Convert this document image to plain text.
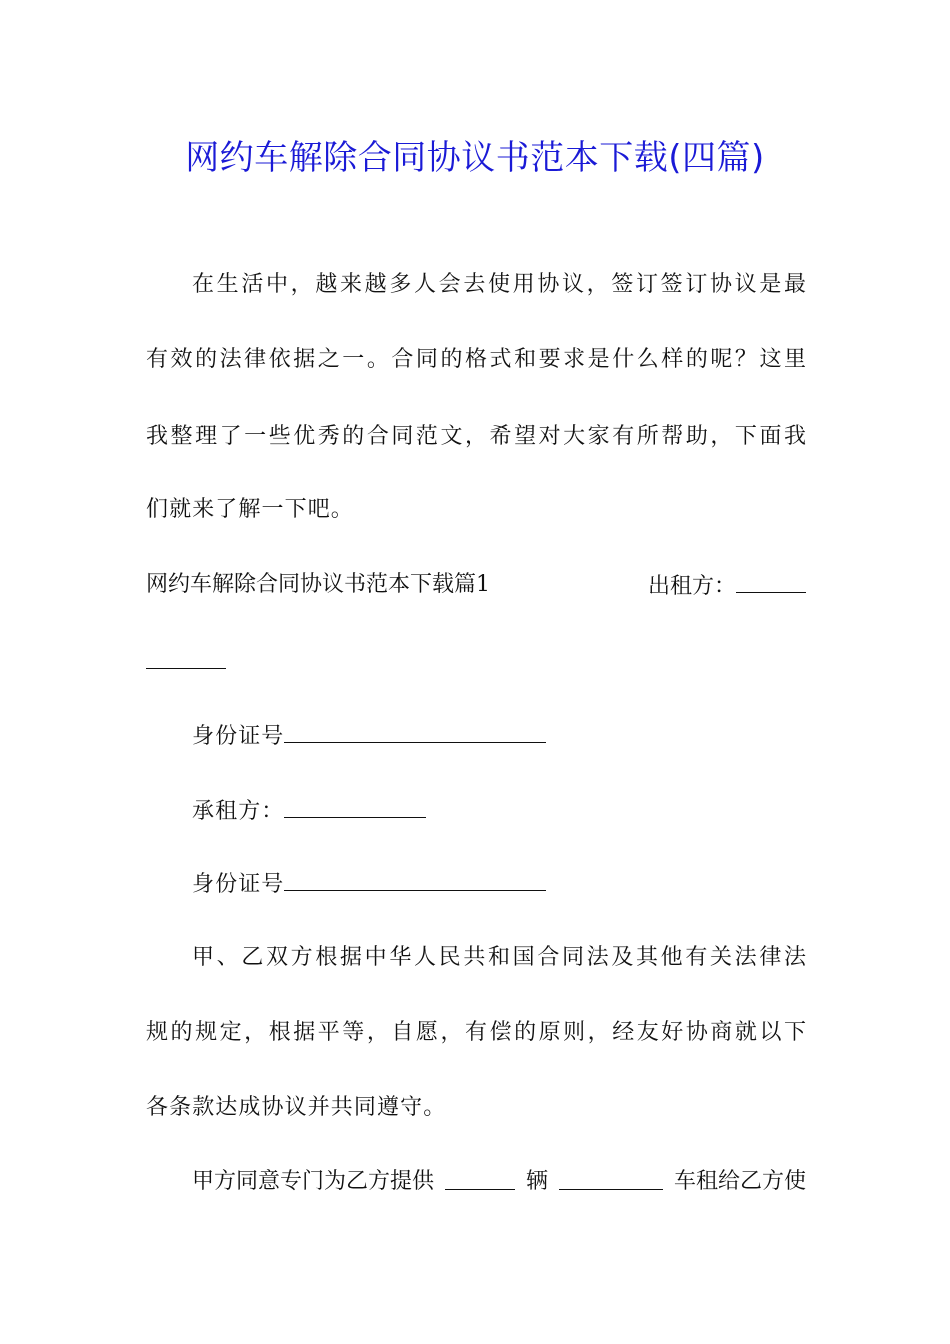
网约车解除合同协议书范本下载(四篇)
在生活中，越来越多人会去使用协议，签订签订协议是最
有效的法律依据之一。合同的格式和要求是什么样的呢？这里
我整理了一些优秀的合同范文，希望对大家有所帮助，下面我
们就来了解一下吧。
网约车解除合同协议书范本下载篇1	出租方：
身份证号
承租方：
身份证号
甲、乙双方根据中华人民共和国合同法及其他有关法律法
规的规定，根据平等，自愿，有偿的原则，经友好协商就以下
各条款达成协议并共同遵守。
甲方同意专门为乙方提供	辆	车租给乙方使
